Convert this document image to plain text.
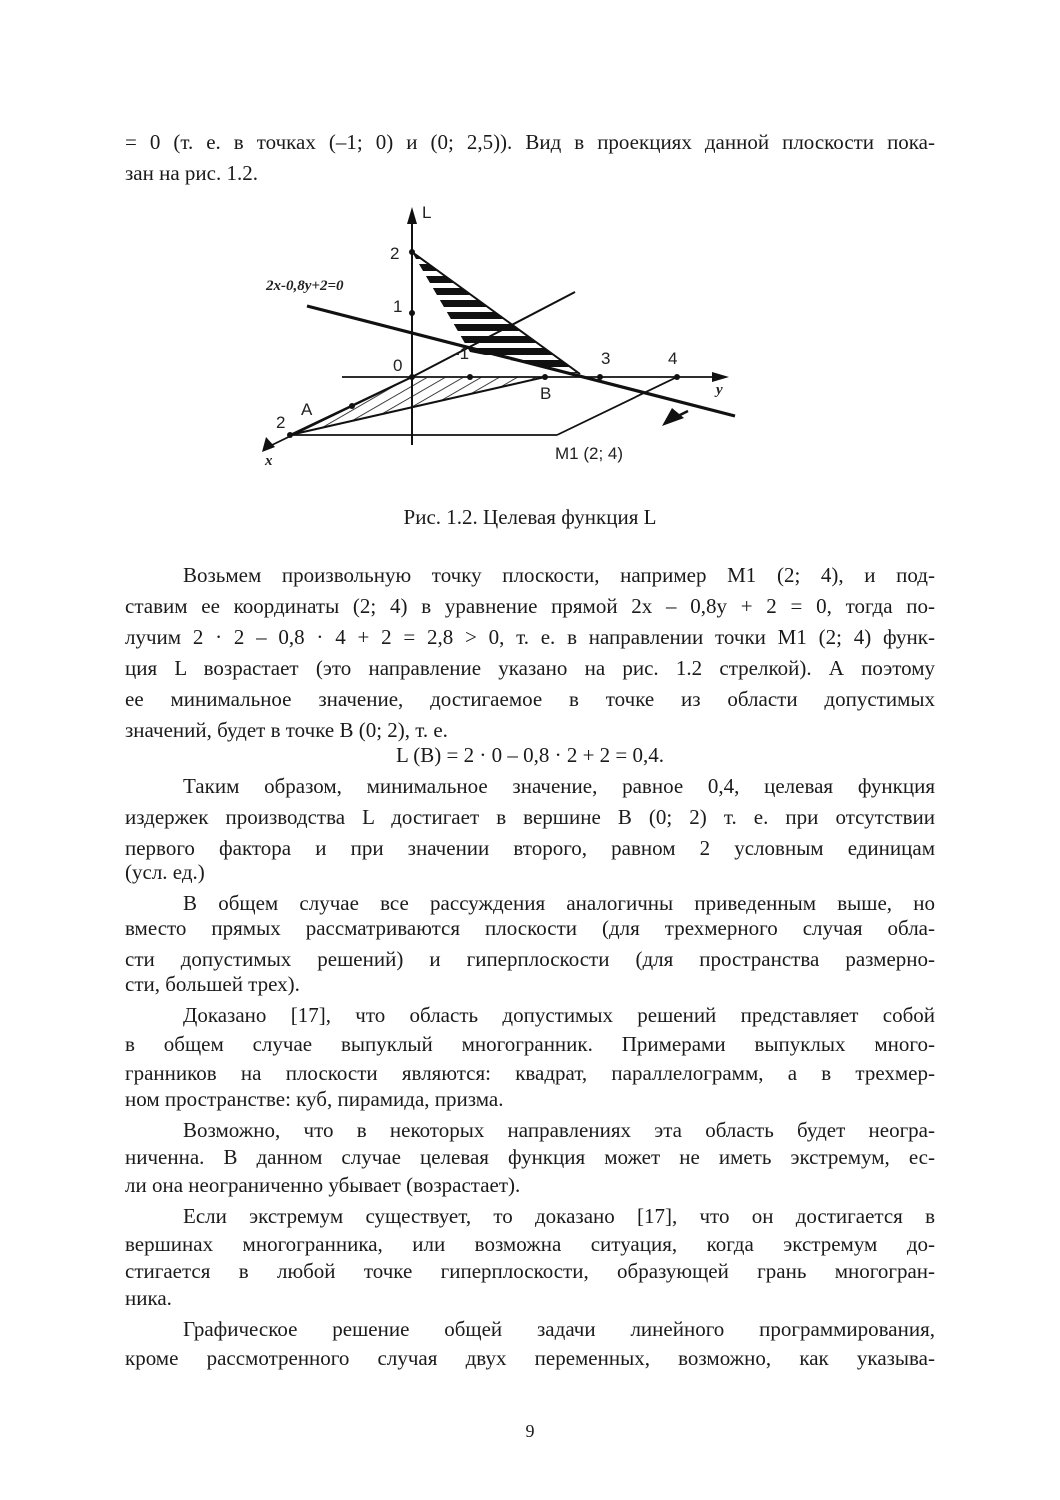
= 0 (т. е. в точках (–1; 0) и (0; 2,5)). Вид в проекциях данной плоскости пока-
зан на рис. 1.2.
L
y
x
2
1
0
-1	3	4
2
A
B
M1 (2; 4)
2x-0,8y+2=0
Рис. 1.2. Целевая функция L
Возьмем произвольную точку плоскости, например M1 (2; 4), и под-
ставим ее координаты (2; 4) в уравнение прямой 2x – 0,8y + 2 = 0, тогда по-
лучим 2 · 2 – 0,8 · 4 + 2 = 2,8 > 0, т. е. в направлении точки M1 (2; 4) функ-
ция L возрастает (это направление указано на рис. 1.2 стрелкой). А поэтому
ее минимальное значение, достигаемое в точке из области допустимых
значений, будет в точке B (0; 2), т. е.
L (B) = 2 · 0 – 0,8 · 2 + 2 = 0,4.
Таким образом, минимальное значение, равное 0,4, целевая функция
издержек производства L достигает в вершине B (0; 2) т. е. при отсутствии
первого фактора и при значении второго, равном 2 условным единицам
(усл. ед.)
В общем случае все рассуждения аналогичны приведенным выше, но
вместо прямых рассматриваются плоскости (для трехмерного случая обла-
сти допустимых решений) и гиперплоскости (для пространства размерно-
сти, большей трех).
Доказано [17], что область допустимых решений представляет собой
в общем случае выпуклый многогранник. Примерами выпуклых много-
гранников на плоскости являются: квадрат, параллелограмм, а в трехмер-
ном пространстве: куб, пирамида, призма.
Возможно, что в некоторых направлениях эта область будет неогра-
ниченна. В данном случае целевая функция может не иметь экстремум, ес-
ли она неограниченно убывает (возрастает).
Если экстремум существует, то доказано [17], что он достигается в
вершинах многогранника, или возможна ситуация, когда экстремум до-
стигается в любой точке гиперплоскости, образующей грань многогран-
ника.
Графическое решение общей задачи линейного программирования,
кроме рассмотренного случая двух переменных, возможно, как указыва-
9
